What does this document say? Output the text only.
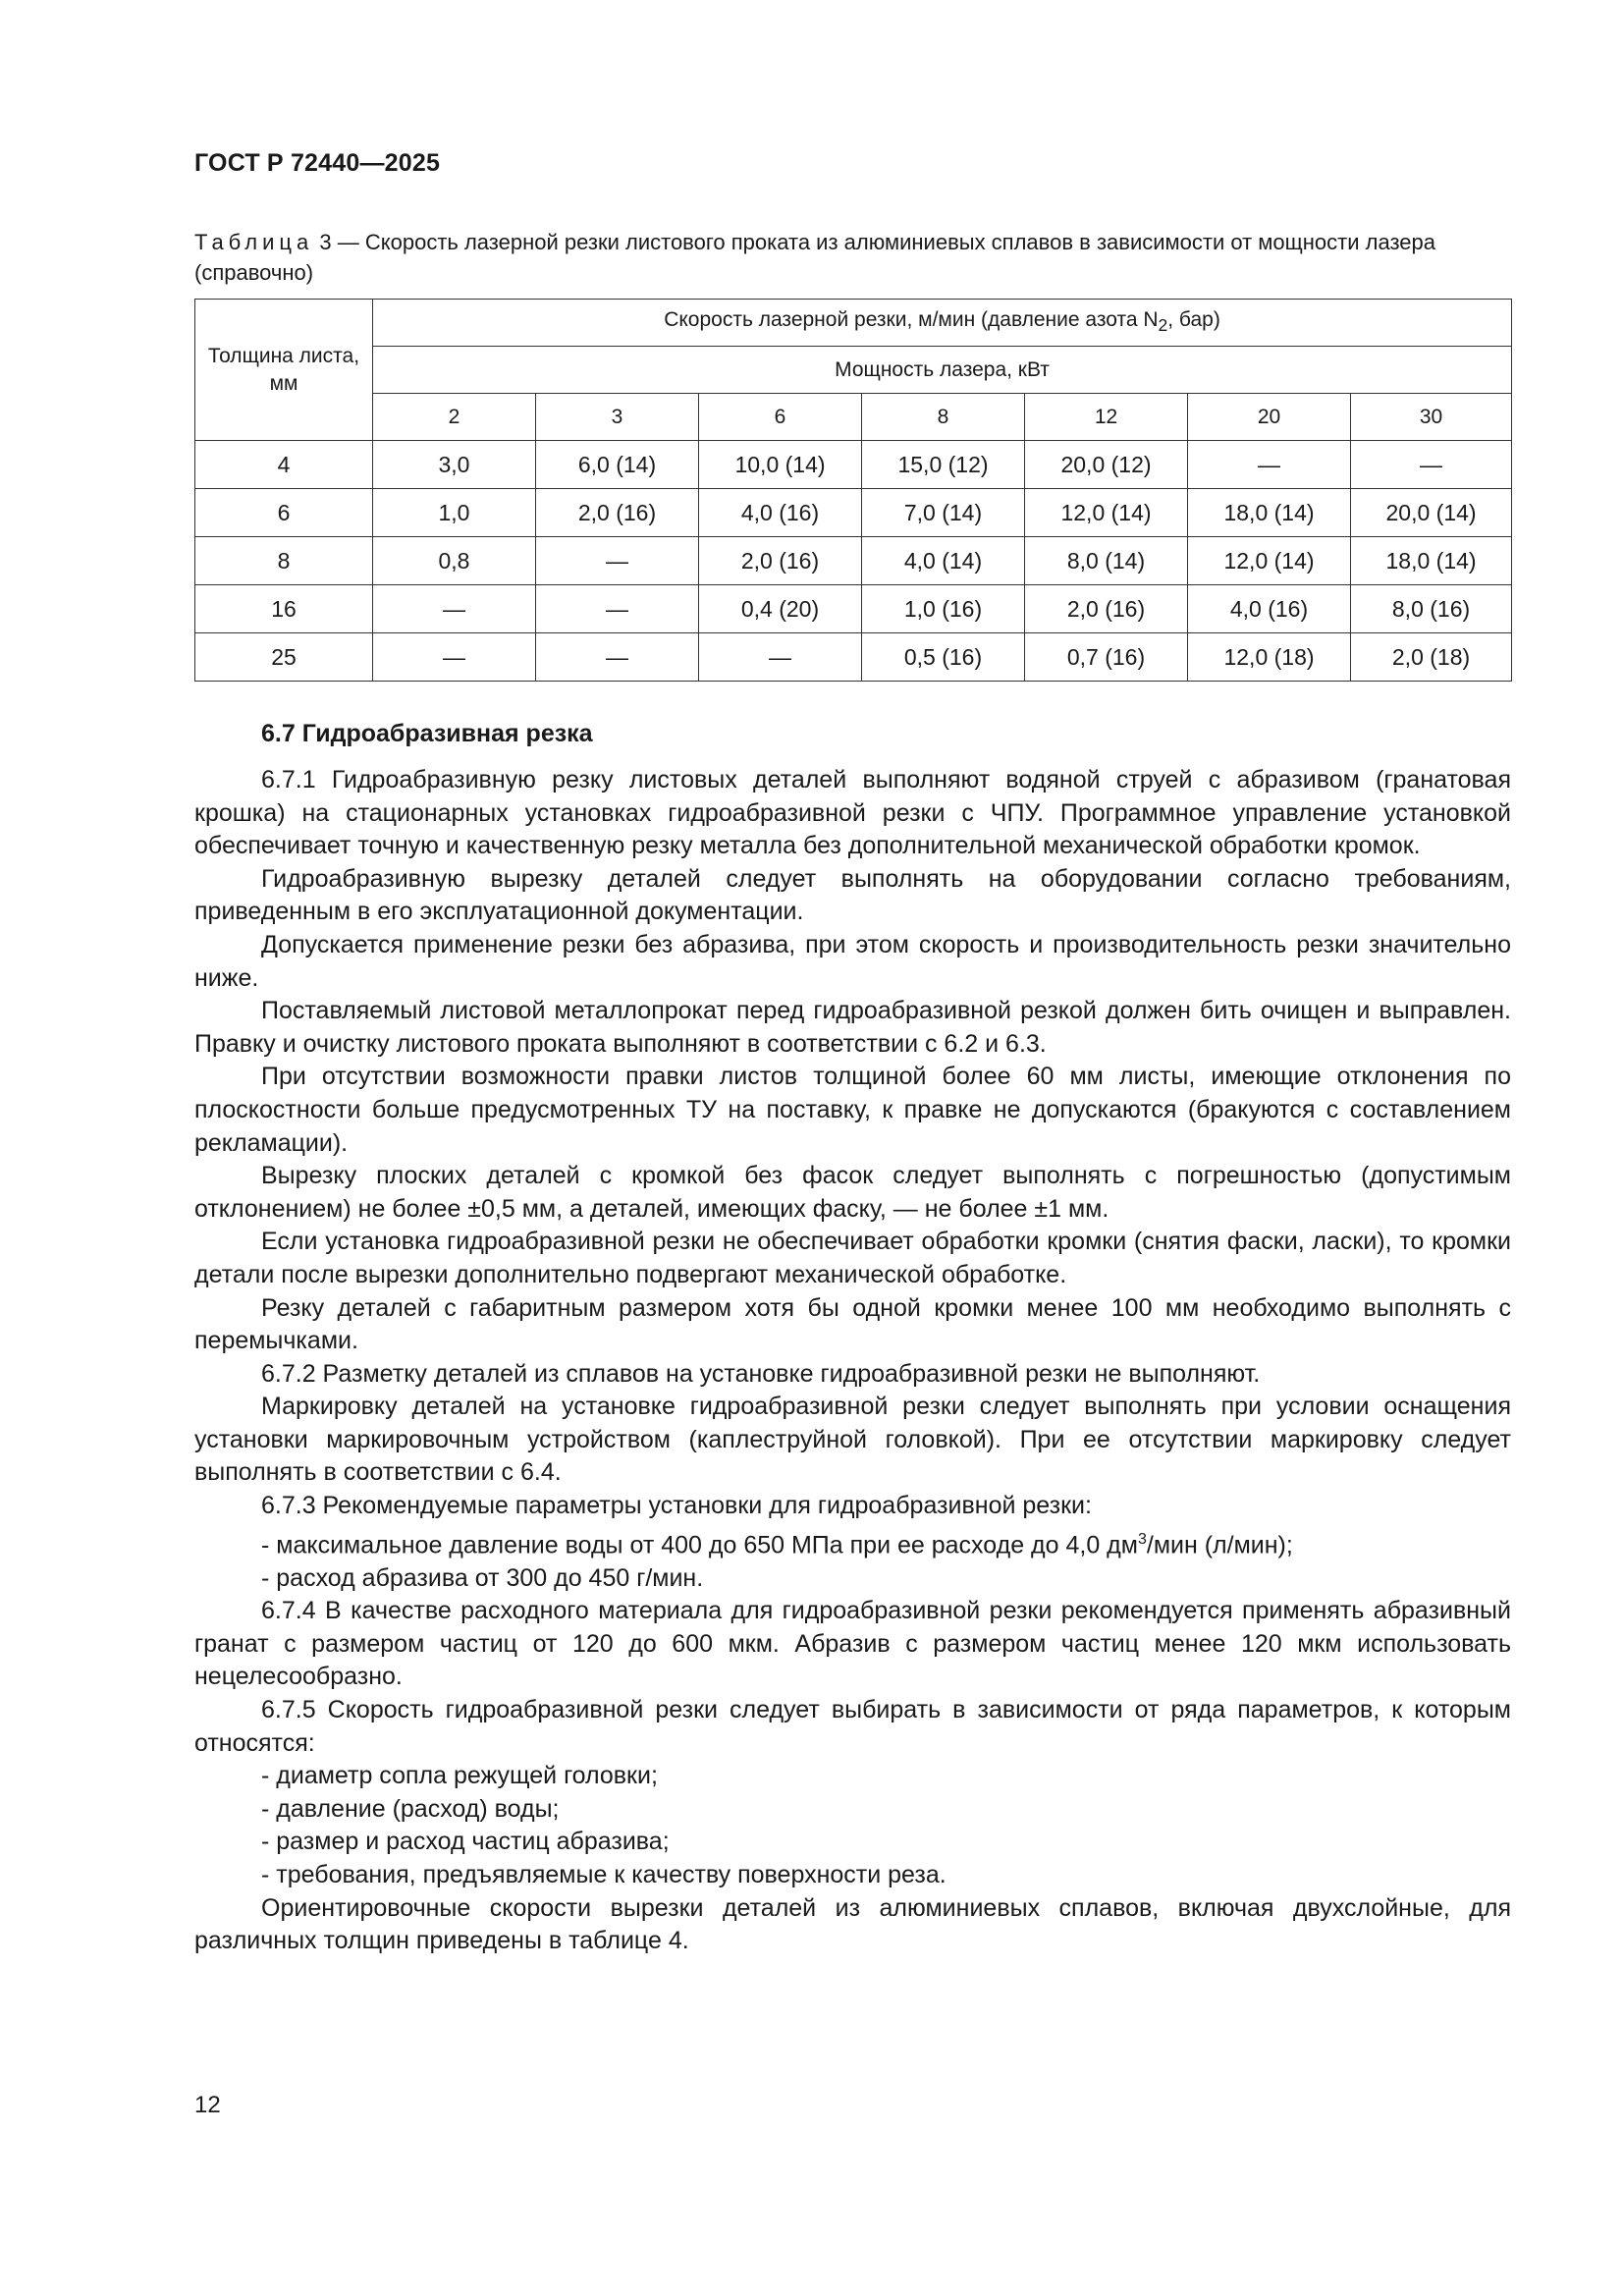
ГОСТ Р 72440—2025
Таблица 3 — Скорость лазерной резки листового проката из алюминиевых сплавов в зависимости от мощности лазера (справочно)
Толщина листа, мм	Скорость лазерной резки, м/мин (давление азота $N_2$, бар)						
	Мощность лазера, кВт						
	2	3	6	8	12	20	30
4	3,0	6,0 (14)	10,0 (14)	15,0 (12)	20,0 (12)	—	—
6	1,0	2,0 (16)	4,0 (16)	7,0 (14)	12,0 (14)	18,0 (14)	20,0 (14)
8	0,8	—	2,0 (16)	4,0 (14)	8,0 (14)	12,0 (14)	18,0 (14)
16	—	—	0,4 (20)	1,0 (16)	2,0 (16)	4,0 (16)	8,0 (16)
25	—	—	—	0,5 (16)	0,7 (16)	12,0 (18)	2,0 (18)
6.7 Гидроабразивная резка

6.7.1 Гидроабразивную резку листовых деталей выполняют водяной струей с абразивом (гранатовая крошка) на стационарных установках гидроабразивной резки с ЧПУ. Программное управление установкой обеспечивает точную и качественную резку металла без дополнительной механической обработки кромок.

Гидроабразивную вырезку деталей следует выполнять на оборудовании согласно требованиям, приведенным в его эксплуатационной документации.

Допускается применение резки без абразива, при этом скорость и производительность резки значительно ниже.

Поставляемый листовой металлопрокат перед гидроабразивной резкой должен бить очищен и выправлен. Правку и очистку листового проката выполняют в соответствии с 6.2 и 6.3.

При отсутствии возможности правки листов толщиной более 60 мм листы, имеющие отклонения по плоскостности больше предусмотренных ТУ на поставку, к правке не допускаются (бракуются с составлением рекламации).

Вырезку плоских деталей с кромкой без фасок следует выполнять с погрешностью (допустимым отклонением) не более ±0,5 мм, а деталей, имеющих фаску, — не более ±1 мм.

Если установка гидроабразивной резки не обеспечивает обработки кромки (снятия фаски, ласки), то кромки детали после вырезки дополнительно подвергают механической обработке.

Резку деталей с габаритным размером хотя бы одной кромки менее 100 мм необходимо выполнять с перемычками.

6.7.2 Разметку деталей из сплавов на установке гидроабразивной резки не выполняют.

Маркировку деталей на установке гидроабразивной резки следует выполнять при условии оснащения установки маркировочным устройством (каплеструйной головкой). При ее отсутствии маркировку следует выполнять в соответствии с 6.4.

6.7.3 Рекомендуемые параметры установки для гидроабразивной резки:

- максимальное давление воды от 400 до 650 МПа при ее расходе до 4,0 $дм^3$/мин (л/мин);

- расход абразива от 300 до 450 г/мин.

6.7.4 В качестве расходного материала для гидроабразивной резки рекомендуется применять абразивный гранат с размером частиц от 120 до 600 мкм. Абразив с размером частиц менее 120 мкм использовать нецелесообразно.

6.7.5 Скорость гидроабразивной резки следует выбирать в зависимости от ряда параметров, к которым относятся:

- диаметр сопла режущей головки;

- давление (расход) воды;

- размер и расход частиц абразива;

- требования, предъявляемые к качеству поверхности реза.

Ориентировочные скорости вырезки деталей из алюминиевых сплавов, включая двухслойные, для различных толщин приведены в таблице 4.

12
